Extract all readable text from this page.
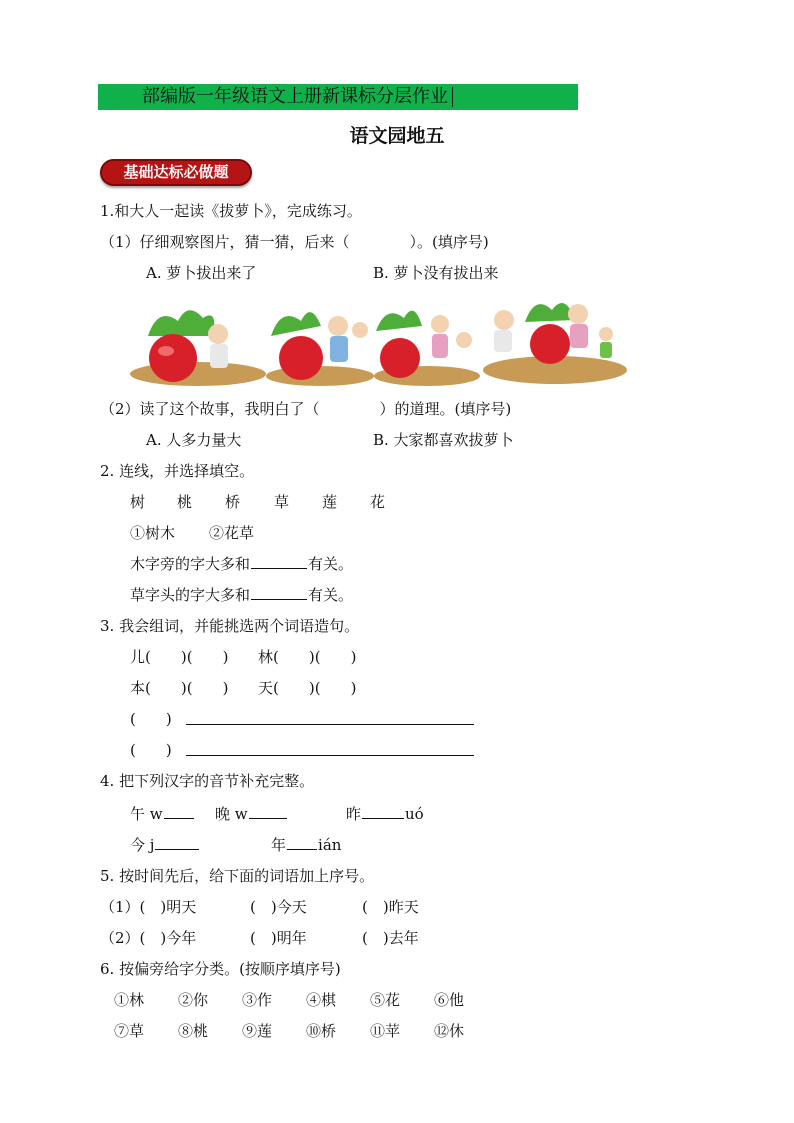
部编版一年级语文上册新课标分层作业
语文园地五
基础达标必做题
1.和大人一起读《拔萝卜》，完成练习。
（1）仔细观察图片，猜一猜，后来（　　　　）。(填序号)
A. 萝卜拔出来了	B. 萝卜没有拔出来
（2）读了这个故事，我明白了（　　　　）的道理。(填序号)
A. 人多力量大	B. 大家都喜欢拔萝卜
2. 连线，并选择填空。
树 桃 桥 草 莲 花
①树木 ②花草
木字旁的字大多和	有关。
草字头的字大多和	有关。
3. 我会组词，并能挑选两个词语造句。
儿(　　)(　　) 林(　　)(　　)
本(　　)(　　) 天(　　)(　　)
(　　)
(　　)
4. 把下列汉字的音节补充完整。
午 w	晚 w	昨	uó
今 j	年 ián
5. 按时间先后，给下面的词语加上序号。
（1）(　)明天	(　)今天	(　)昨天
（2）(　)今年	(　)明年	(　)去年
6. 按偏旁给字分类。(按顺序填序号)
①林 ②你 ③作 ④棋 ⑤花 ⑥他
⑦草 ⑧桃 ⑨莲 ⑩桥 ⑪苹 ⑫休
